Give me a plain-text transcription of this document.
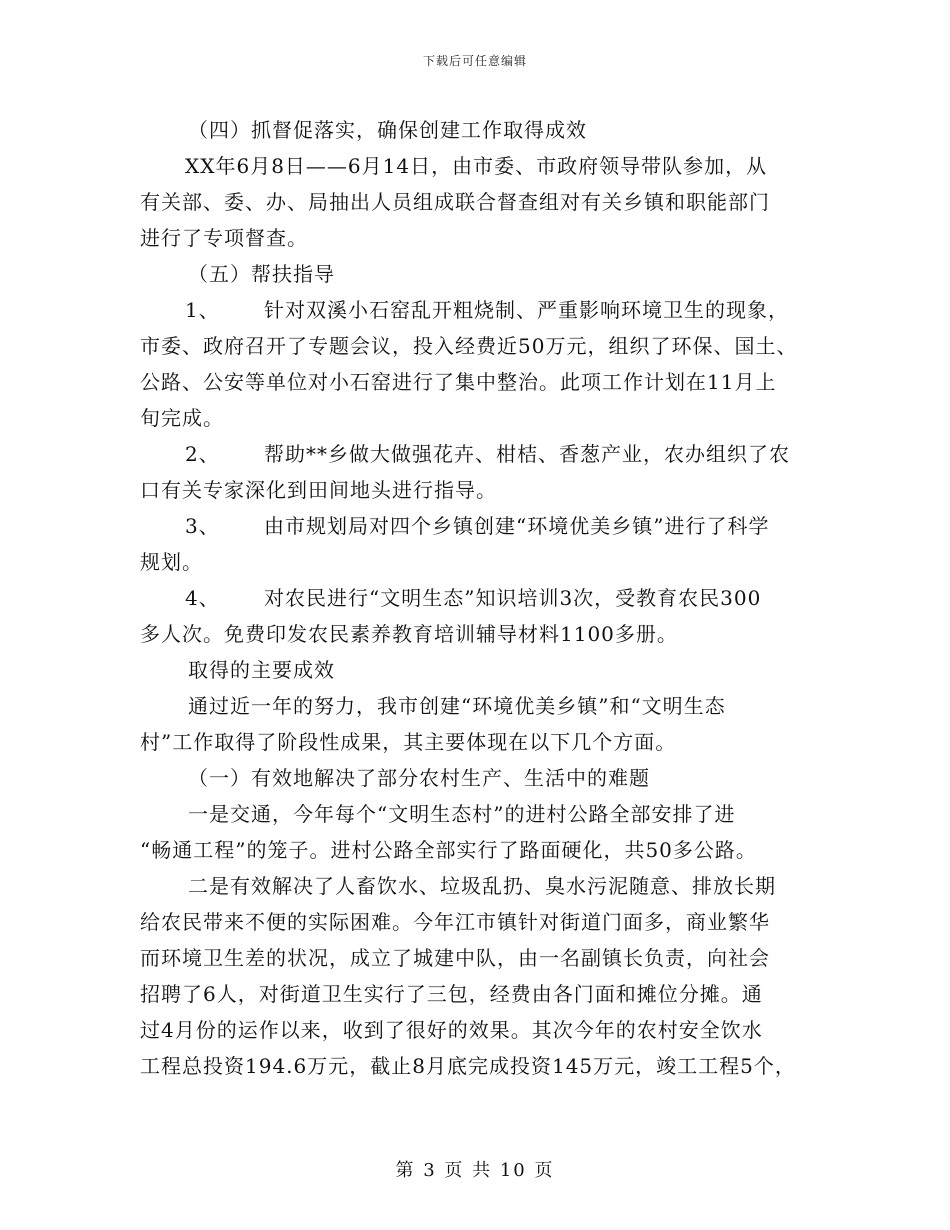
下载后可任意编辑
（四）抓督促落实，确保创建工作取得成效
XX年6月8日——6月14日，由市委、市政府领导带队参加，从
有关部、委、办、局抽出人员组成联合督查组对有关乡镇和职能部门
进行了专项督查。
（五）帮扶指导
1、 针对双溪小石窑乱开粗烧制、严重影响环境卫生的现象，
市委、政府召开了专题会议，投入经费近50万元，组织了环保、国土、
公路、公安等单位对小石窑进行了集中整治。此项工作计划在11月上
旬完成。
2、 帮助**乡做大做强花卉、柑桔、香葱产业，农办组织了农
口有关专家深化到田间地头进行指导。
3、 由市规划局对四个乡镇创建“环境优美乡镇”进行了科学
规划。
4、 对农民进行“文明生态”知识培训3次，受教育农民300
多人次。免费印发农民素养教育培训辅导材料1100多册。
取得的主要成效
通过近一年的努力，我市创建“环境优美乡镇”和“文明生态
村”工作取得了阶段性成果，其主要体现在以下几个方面。
（一）有效地解决了部分农村生产、生活中的难题
一是交通，今年每个“文明生态村”的进村公路全部安排了进
“畅通工程”的笼子。进村公路全部实行了路面硬化，共50多公路。
二是有效解决了人畜饮水、垃圾乱扔、臭水污泥随意、排放长期
给农民带来不便的实际困难。今年江市镇针对街道门面多，商业繁华
而环境卫生差的状况，成立了城建中队，由一名副镇长负责，向社会
招聘了6人，对街道卫生实行了三包，经费由各门面和摊位分摊。通
过4月份的运作以来，收到了很好的效果。其次今年的农村安全饮水
工程总投资194.6万元，截止8月底完成投资145万元，竣工工程5个，
第 3 页 共 10 页
